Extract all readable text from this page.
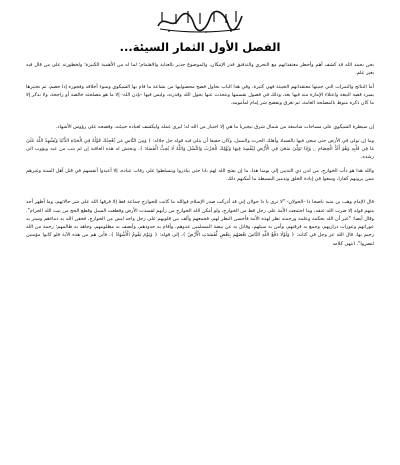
الفصل الأول الثمار السيئة...

نحن بحمد الله قد كشف أهم وأخطر معتقداتهم مع التحري والتدقيق قدر الإمكان، والموضوع جدير بالعناية والاهتمام؛ لما له من الأهمية الكبيرة؛ ولخطورته على من قال فيه بغير علم.

أما النتائج والثمرات التي جنيتها معتقداتهم الخبيثة فهي كثيرة، وفي هذا الباب نحاول فضح محصوليها من بشاعة ما قام بها الشيكوي وسوء أخلاقه وفجوره إذا خصم، ثم نختبرها بسرد قصة البيعة واعتلاء الإمارة منه فيها بعد، وذلك في فصول نقسمها ونتحدث عنها بحول الله وقدرته، وليس فيها -بإذن الله- إلا ما هو مصلحته خالصة أو راجحة، ولا نذكر إلا ما كان ذكره منوط بالمصلحة العامة، ثم تغرق ونفضح شر إمام لمأمومه.

إن سيطرة الشيكوي على مساحات شاسعة من شمال شرق نيجيريا ما هي إلا اختبار من الله له؛ ليرى عمله وليكشف لعباده خبيئته، وفضحه على رؤوس الأشهاد.

وما إن تولى في الأرض حتى سعى فيها بالفساد وأهلك الحرث والنسل، وكان حقيقا أن يتلى فيه قوله جل جلاله: ﴿ وَمِنَ النَّاسِ مَن يُعْجِبُكَ قَوْلُهُ فِي الْحَيَاةِ الدُّنْيَا وَيُشْهِدُ اللَّهَ عَلَىٰ مَا فِي قَلْبِهِ وَهُوَ أَلَدُّ الْخِصَامِ ۝ وَإِذَا تَوَلَّىٰ سَعَىٰ فِي الْأَرْضِ لِيُفْسِدَ فِيهَا وَيُهْلِكَ الْحَرْثَ وَالنَّسْلَ وَاللَّهُ لَا يُحِبُّ الْفَسَادَ ﴾، ونختش له هذه العاقبة إن لم يتب من عيه ويؤوب الى رشده.

والله هذا هو دأب الخوارج، من لدن ذي الثديين إلى يومنا هذا، ما إن يفتح الله لهم بابا حتى يبادروا ويتسلطوا على رقاب عباده، إلا أعيذوا أنفسهم في قتل أهل السنة وغيرهم ممن يرونهم كفارا، وسعوا في إبادة الخلق وتدمير البسيطة ما أمكنهم ذلك.

قال الإمام وهب بن منبه ناصحا ذا -الخولان- "لا ترى يا ذا خولان إني قد أدركت صدر الإسلام فوالله ما كانت للخوارج جماعة قط إلا فرقها الله على شر حالاتهم، وما أظهر أحد منهم قوله إلا ضرب الله عنقه، وما اجتمعت الأمة على رجل قط من الخوارج، ولو أمكن الله الخوارج من رأيهم لفسدت الأرض وقطعت السبل وقطع الحج من بيت الله الحرام". وقال أيضا: "غير أن الله يحكمه وعلمه ورحمته نظر لهذه الأمة فأحسن النظر لهم، فجمعهم وألف بين قلوبهم على رجل واحد ليس من الخوارج، فحقن الله به دماءهم وستر به عوراتهم وعورات ذراريهم، وجمع به فرقتهم، وأمن به سبلهم، وقاتل به عن بيضة المسلمين عدوهم، وأقام به حدودهم، وأنصف به مظلومهم، وجاهد به ظالمهم؛ رحمة من الله رحيم بها، قال الله عز وجل في كتابه: ﴿ وَلَوْلَا دَفْعُ اللَّهِ النَّاسَ بَعْضَهُم بِبَعْضٍ لَّفَسَدَتِ الْأَرْضُ ﴾، إلى قوله: ﴿ وَيَوْمَ يَقُومُ الْأَشْهَادُ ﴾، فأين هم من هذه الآية فلو كانوا مؤمنين لنصروا". انتهى كلامه
